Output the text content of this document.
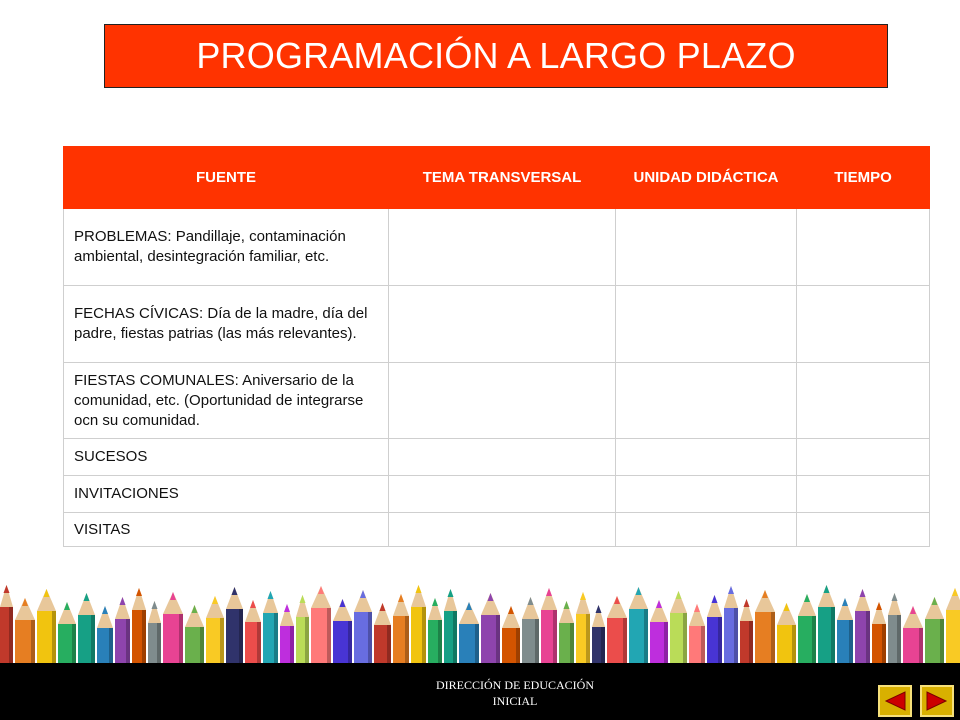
PROGRAMACIÓN A LARGO PLAZO
FUENTE	TEMA TRANSVERSAL	UNIDAD DIDÁCTICA	TIEMPO
PROBLEMAS: Pandillaje, contaminación ambiental, desintegración familiar, etc.			
FECHAS CÍVICAS: Día de la madre, día del padre, fiestas patrias (las más relevantes).			
FIESTAS COMUNALES: Aniversario de la comunidad, etc. (Oportunidad de integrarse ocn su comunidad.			
SUCESOS			
INVITACIONES			
VISITAS			
DIRECCIÓN DE EDUCACIÓN
INICIAL
